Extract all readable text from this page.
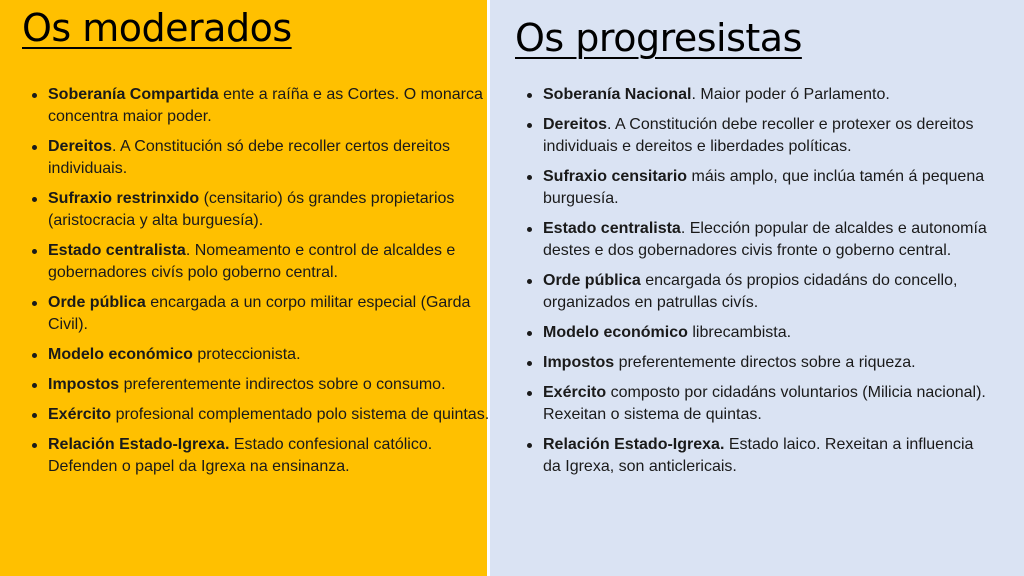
Os moderados	Os progresistas
Soberanía Compartida ente a raíña e as Cortes. O monarca concentra maior poder.
Dereitos. A Constitución só debe recoller certos dereitos individuais.
Sufraxio restrinxido (censitario) ós grandes propietarios (aristocracia y alta burguesía).
Estado centralista. Nomeamento e control de alcaldes e gobernadores civís polo goberno central.
Orde pública encargada a un corpo militar especial (Garda Civil).
Modelo económico proteccionista.
Impostos preferentemente indirectos sobre o consumo.
Exército profesional complementado polo sistema de quintas.
Relación Estado-Igrexa. Estado confesional católico. Defenden o papel da Igrexa na ensinanza.
Soberanía Nacional. Maior poder ó Parlamento.
Dereitos. A Constitución debe recoller e protexer os dereitos individuais e dereitos e liberdades políticas.
Sufraxio censitario máis amplo, que inclúa tamén á pequena burguesía.
Estado centralista. Elección popular de alcaldes e autonomía destes e dos gobernadores civis fronte o goberno central.
Orde pública encargada ós propios cidadáns do concello, organizados en patrullas civís.
Modelo económico librecambista.
Impostos preferentemente directos sobre a riqueza.
Exército composto por cidadáns voluntarios (Milicia nacional). Rexeitan o sistema de quintas.
Relación Estado-Igrexa. Estado laico. Rexeitan a influencia da Igrexa, son anticlericais.
